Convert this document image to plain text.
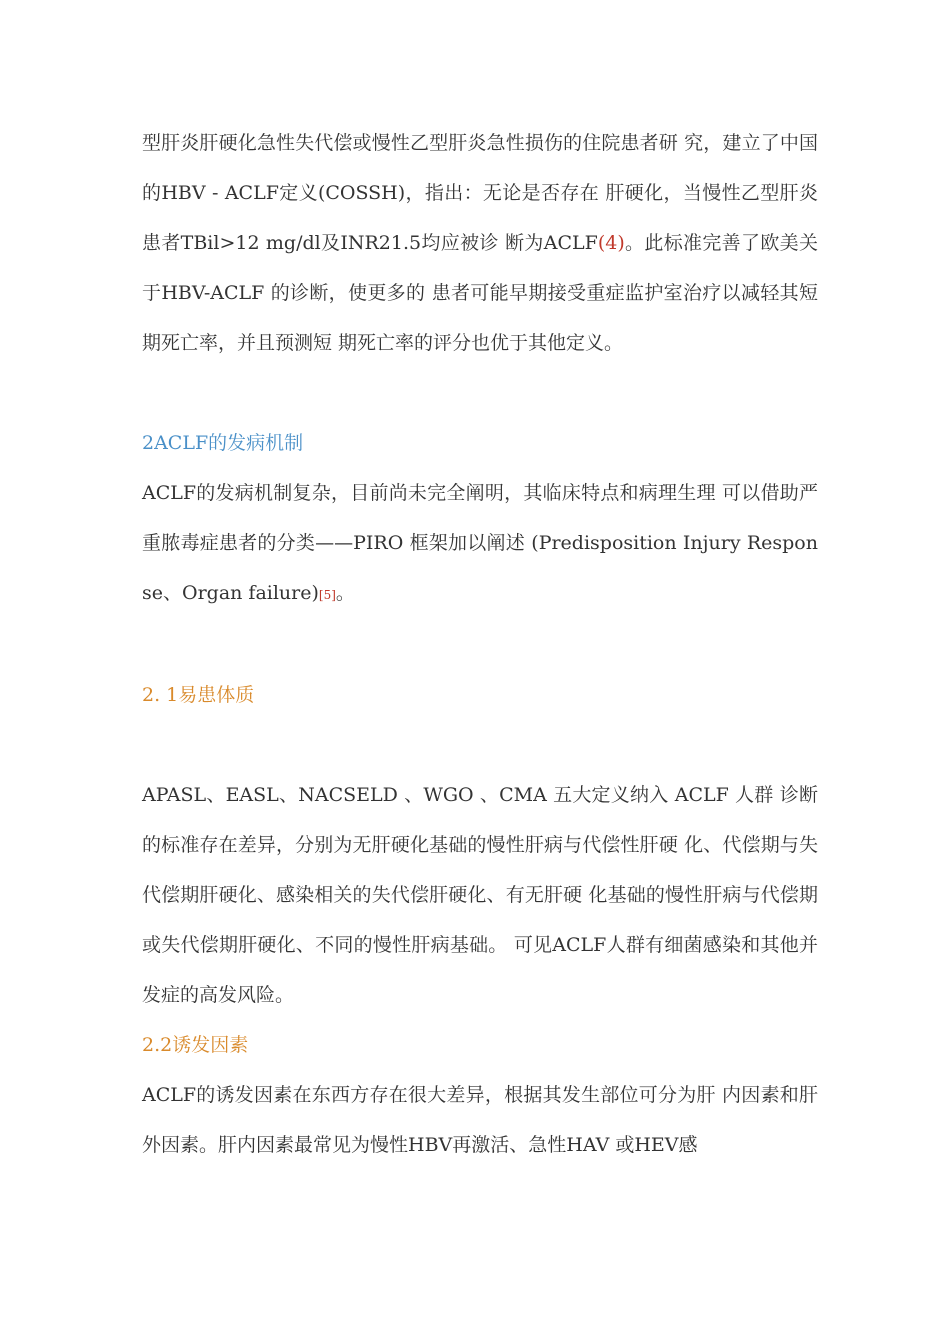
型肝炎肝硬化急性失代偿或慢性乙型肝炎急性损伤的住院患者研 究，建立了中国的HBV - ACLF定义(COSSH)，指出：无论是否存在 肝硬化，当慢性乙型肝炎患者TBil>12 mg/dl及INR21.5均应被诊 断为ACLF(4)。此标准完善了欧美关于HBV-ACLF 的诊断，使更多的 患者可能早期接受重症监护室治疗以减轻其短期死亡率，并且预测短 期死亡率的评分也优于其他定义。

2ACLF的发病机制

ACLF的发病机制复杂，目前尚未完全阐明，其临床特点和病理生理 可以借助严重脓毒症患者的分类——PIRO 框架加以阐述 (Predisposition Injury Response、Organ failure)[5]。

2. 1易患体质

APASL、EASL、NACSELD 、WGO 、CMA 五大定义纳入 ACLF 人群 诊断的标准存在差异，分别为无肝硬化基础的慢性肝病与代偿性肝硬 化、代偿期与失代偿期肝硬化、感染相关的失代偿肝硬化、有无肝硬 化基础的慢性肝病与代偿期或失代偿期肝硬化、不同的慢性肝病基础。 可见ACLF人群有细菌感染和其他并发症的高发风险。

2.2诱发因素

ACLF的诱发因素在东西方存在很大差异，根据其发生部位可分为肝 内因素和肝外因素。肝内因素最常见为慢性HBV再激活、急性HAV 或HEV感
